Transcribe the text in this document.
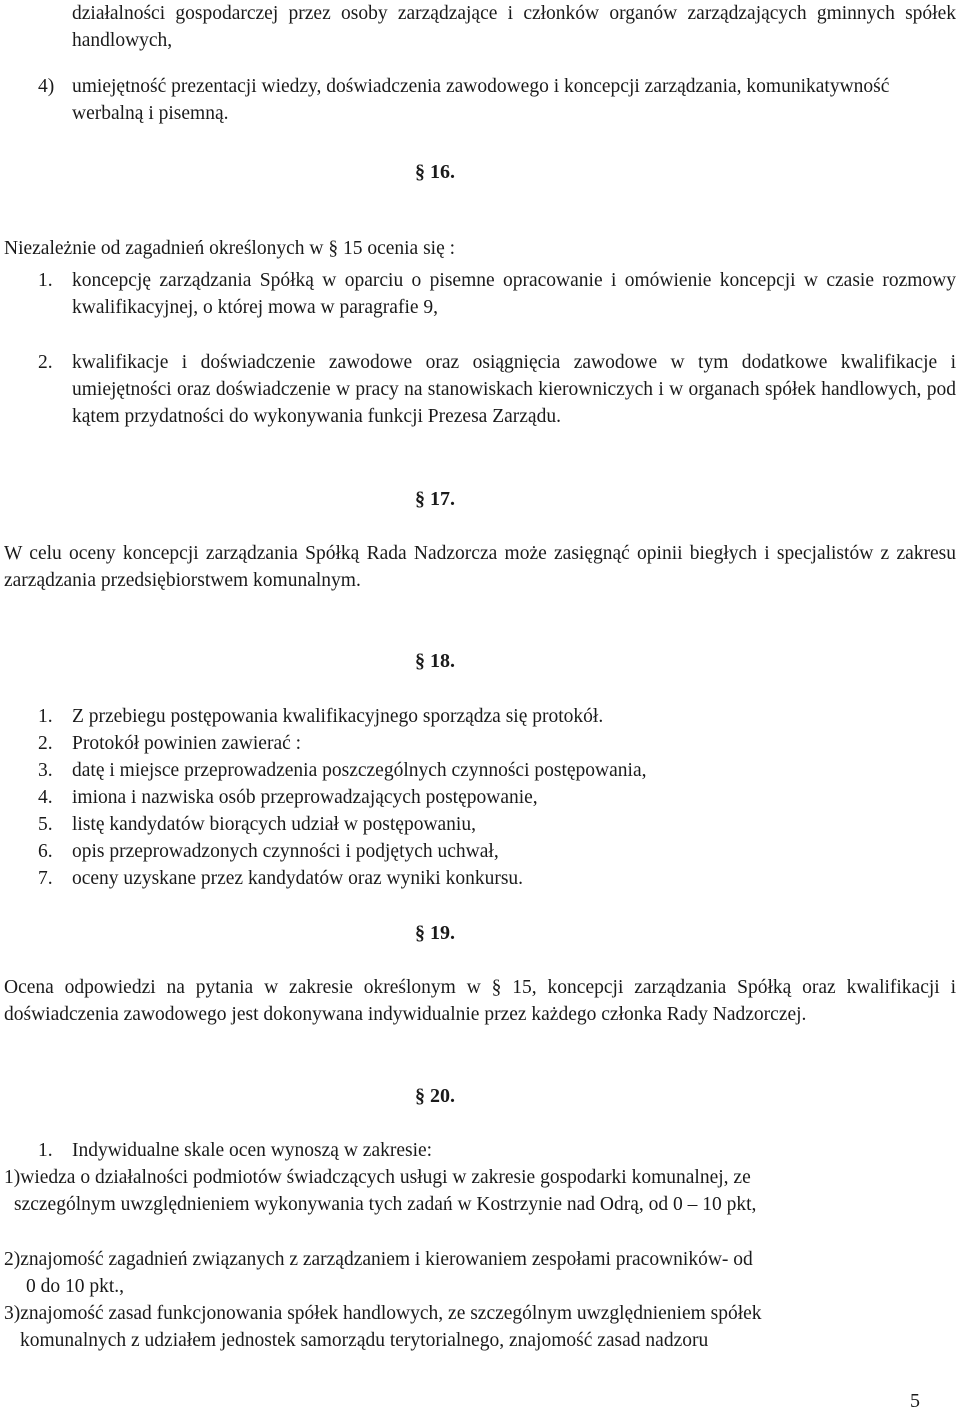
działalności gospodarczej przez osoby zarządzające i członków organów zarządzających gminnych spółek handlowych,

4) umiejętność prezentacji wiedzy, doświadczenia zawodowego i koncepcji zarządzania, komunikatywność werbalną i pisemną.
§ 16.

Niezależnie od zagadnień określonych w § 15 ocenia się :

1. koncepcję zarządzania Spółką w oparciu o pisemne opracowanie i omówienie koncepcji w czasie rozmowy kwalifikacyjnej, o której mowa w paragrafie 9,
2. kwalifikacje i doświadczenie zawodowe oraz osiągnięcia zawodowe w tym dodatkowe kwalifikacje i umiejętności oraz doświadczenie w pracy na stanowiskach kierowniczych i w organach spółek handlowych, pod kątem przydatności do wykonywania funkcji Prezesa Zarządu.
§ 17.

W celu oceny koncepcji zarządzania Spółką Rada Nadzorcza może zasięgnąć opinii biegłych i specjalistów z zakresu zarządzania przedsiębiorstwem komunalnym.

§ 18.
1. Z przebiegu postępowania kwalifikacyjnego sporządza się protokół.
2. Protokół powinien zawierać :
3. datę i miejsce przeprowadzenia poszczególnych czynności postępowania,
4. imiona i nazwiska osób przeprowadzających postępowanie,
5. listę kandydatów biorących udział w postępowaniu,
6. opis przeprowadzonych czynności i podjętych uchwał,
7. oceny uzyskane przez kandydatów oraz wyniki konkursu.
§ 19.

Ocena odpowiedzi na pytania w zakresie określonym w § 15, koncepcji zarządzania Spółką oraz kwalifikacji i doświadczenia zawodowego jest dokonywana indywidualnie przez każdego członka Rady Nadzorczej.

§ 20.
1. Indywidualne skale ocen wynoszą w zakresie:
1)wiedza o działalności podmiotów świadczących usługi w zakresie gospodarki komunalnej, ze
szczególnym uwzględnieniem wykonywania tych zadań w Kostrzynie nad Odrą, od 0 – 10 pkt,
2)znajomość zagadnień związanych z zarządzaniem i kierowaniem zespołami pracowników- od
0 do 10 pkt.,
3)znajomość zasad funkcjonowania spółek handlowych, ze szczególnym uwzględnieniem spółek
komunalnych z udziałem jednostek samorządu terytorialnego, znajomość zasad nadzoru
5
